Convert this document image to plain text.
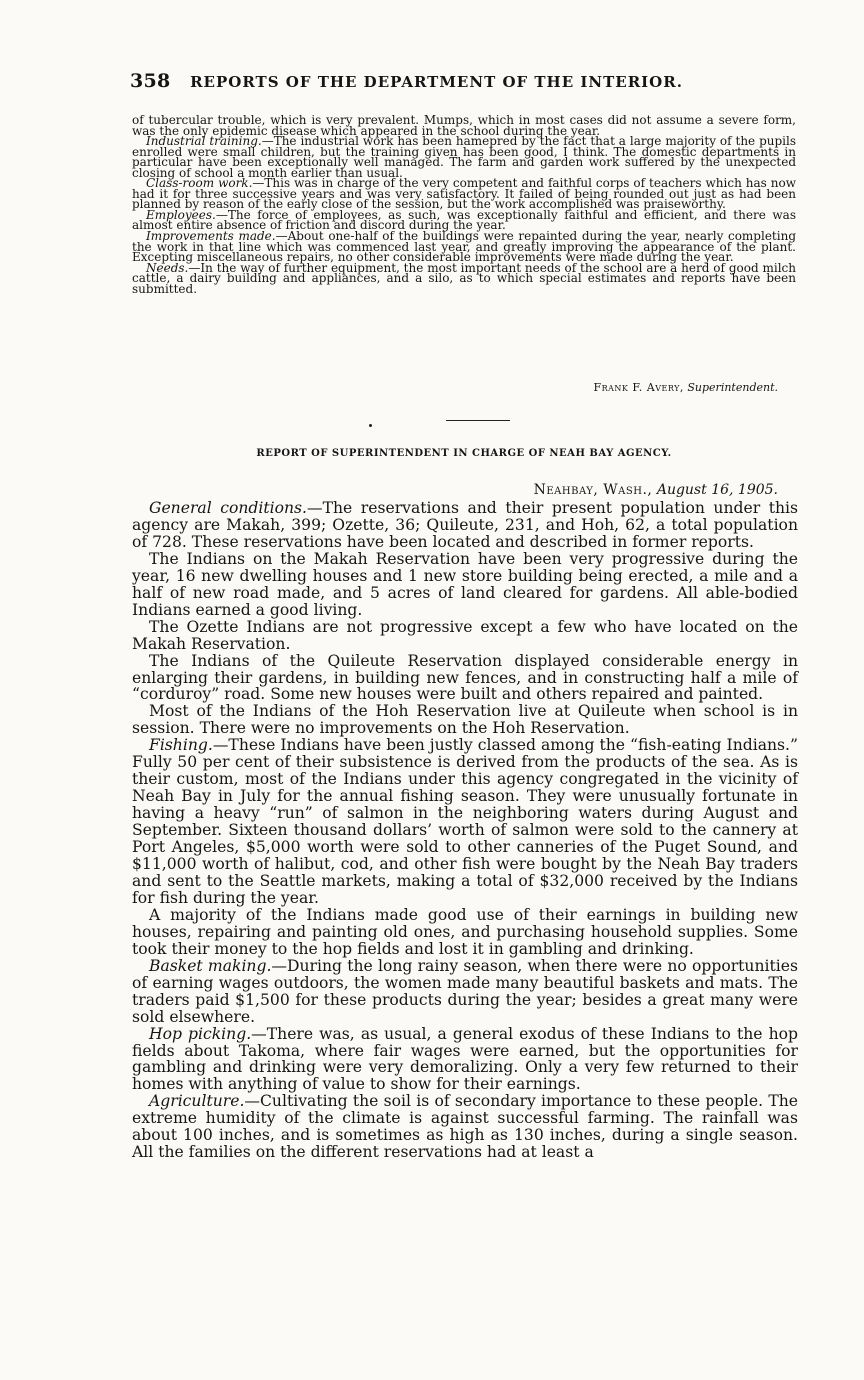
358 REPORTS OF THE DEPARTMENT OF THE INTERIOR.

of tubercular trouble, which is very prevalent. Mumps, which in most cases did not assume a severe form, was the only epidemic disease which appeared in the school during the year.

Industrial training.—The industrial work has been hamepred by the fact that a large majority of the pupils enrolled were small children, but the training given has been good, I think. The domestic departments in particular have been exceptionally well managed. The farm and garden work suffered by the unexpected closing of school a month earlier than usual.

Class-room work.—This was in charge of the very competent and faithful corps of teachers which has now had it for three successive years and was very satisfactory. It failed of being rounded out just as had been planned by reason of the early close of the session, but the work accomplished was praiseworthy.

Employees.—The force of employees, as such, was exceptionally faithful and efficient, and there was almost entire absence of friction and discord during the year.

Improvements made.—About one-half of the buildings were repainted during the year, nearly completing the work in that line which was commenced last year, and greatly improving the appearance of the plant. Excepting miscellaneous repairs, no other considerable improvements were made during the year.

Needs.—In the way of further equipment, the most important needs of the school are a herd of good milch cattle, a dairy building and appliances, and a silo, as to which special estimates and reports have been submitted.

Frank F. Avery, Superintendent.
REPORT OF SUPERINTENDENT IN CHARGE OF NEAH BAY AGENCY.
Neahbay, Wash., August 16, 1905.

General conditions.—The reservations and their present population under this agency are Makah, 399; Ozette, 36; Quileute, 231, and Hoh, 62, a total population of 728. These reservations have been located and described in former reports.

The Indians on the Makah Reservation have been very progressive during the year, 16 new dwelling houses and 1 new store building being erected, a mile and a half of new road made, and 5 acres of land cleared for gardens. All able-bodied Indians earned a good living.

The Ozette Indians are not progressive except a few who have located on the Makah Reservation.

The Indians of the Quileute Reservation displayed considerable energy in enlarging their gardens, in building new fences, and in constructing half a mile of “corduroy” road. Some new houses were built and others repaired and painted.

Most of the Indians of the Hoh Reservation live at Quileute when school is in session. There were no improvements on the Hoh Reservation.

Fishing.—These Indians have been justly classed among the “fish-eating Indians.” Fully 50 per cent of their subsistence is derived from the products of the sea. As is their custom, most of the Indians under this agency congregated in the vicinity of Neah Bay in July for the annual fishing season. They were unusually fortunate in having a heavy “run” of salmon in the neighboring waters during August and September. Sixteen thousand dollars’ worth of salmon were sold to the cannery at Port Angeles, $5,000 worth were sold to other canneries of the Puget Sound, and $11,000 worth of halibut, cod, and other fish were bought by the Neah Bay traders and sent to the Seattle markets, making a total of $32,000 received by the Indians for fish during the year.

A majority of the Indians made good use of their earnings in building new houses, repairing and painting old ones, and purchasing household supplies. Some took their money to the hop fields and lost it in gambling and drinking.

Basket making.—During the long rainy season, when there were no opportunities of earning wages outdoors, the women made many beautiful baskets and mats. The traders paid $1,500 for these products during the year; besides a great many were sold elsewhere.

Hop picking.—There was, as usual, a general exodus of these Indians to the hop fields about Takoma, where fair wages were earned, but the opportunities for gambling and drinking were very demoralizing. Only a very few returned to their homes with anything of value to show for their earnings.

Agriculture.—Cultivating the soil is of secondary importance to these people. The extreme humidity of the climate is against successful farming. The rainfall was about 100 inches, and is sometimes as high as 130 inches, during a single season. All the families on the different reservations had at least a
